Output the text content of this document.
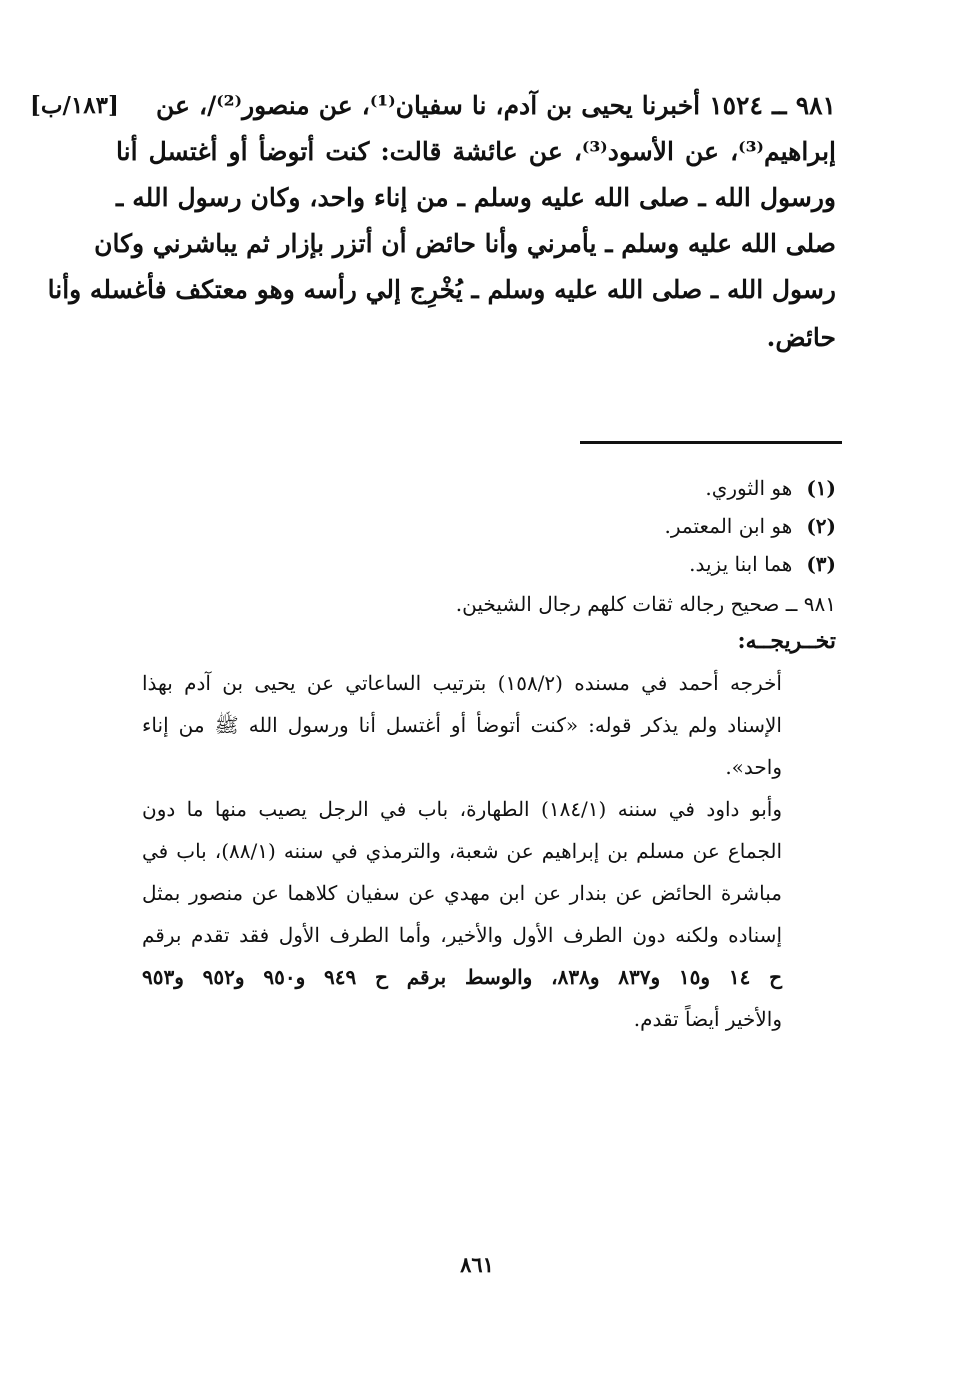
[١٨٣/ب] ٩٨١ ــ ١٥٢٤ أخبرنا يحيى بن آدم، نا سفيان⁽¹⁾، عن منصور⁽²⁾/، عن
إبراهيم⁽³⁾، عن الأسود⁽³⁾، عن عائشة قالت: كنت أتوضأ أو أغتسل أنا
ورسول الله ـ صلى الله عليه وسلم ـ من إناء واحد، وكان رسول الله ـ
صلى الله عليه وسلم ـ يأمرني وأنا حائض أن أتزر بإزار ثم يباشرني وكان
رسول الله ـ صلى الله عليه وسلم ـ يُخْرِج إلي رأسه وهو معتكف فأغسله وأنا
حائض.
(١)هو الثوري.
(٢)هو ابن المعتمر.
(٣)هما ابنا يزيد.
٩٨١ ــ صحيح رجاله ثقات كلهم رجال الشيخين.
تخــريجــه:
أخرجه أحمد في مسنده (١٥٨/٢) بترتيب الساعاتي عن يحيى بن آدم بهذا
الإسناد ولم يذكر قوله: «كنت أتوضأ أو أغتسل أنا ورسول الله ﷺ من إناء
واحد».
وأبو داود في سننه (١٨٤/١) الطهارة، باب في الرجل يصيب منها ما دون
الجماع عن مسلم بن إبراهيم عن شعبة، والترمذي في سننه (٨٨/١)، باب في
مباشرة الحائض عن بندار عن ابن مهدي عن سفيان كلاهما عن منصور بمثل
إسناده ولكنه دون الطرف الأول والأخير، وأما الطرف الأول فقد تقدم برقم
ح ١٤ و١٥ و٨٣٧ و٨٣٨، والوسط برقم ح ٩٤٩ و٩٥٠ و٩٥٢ و٩٥٣
والأخير أيضاً تقدم.
٨٦١
